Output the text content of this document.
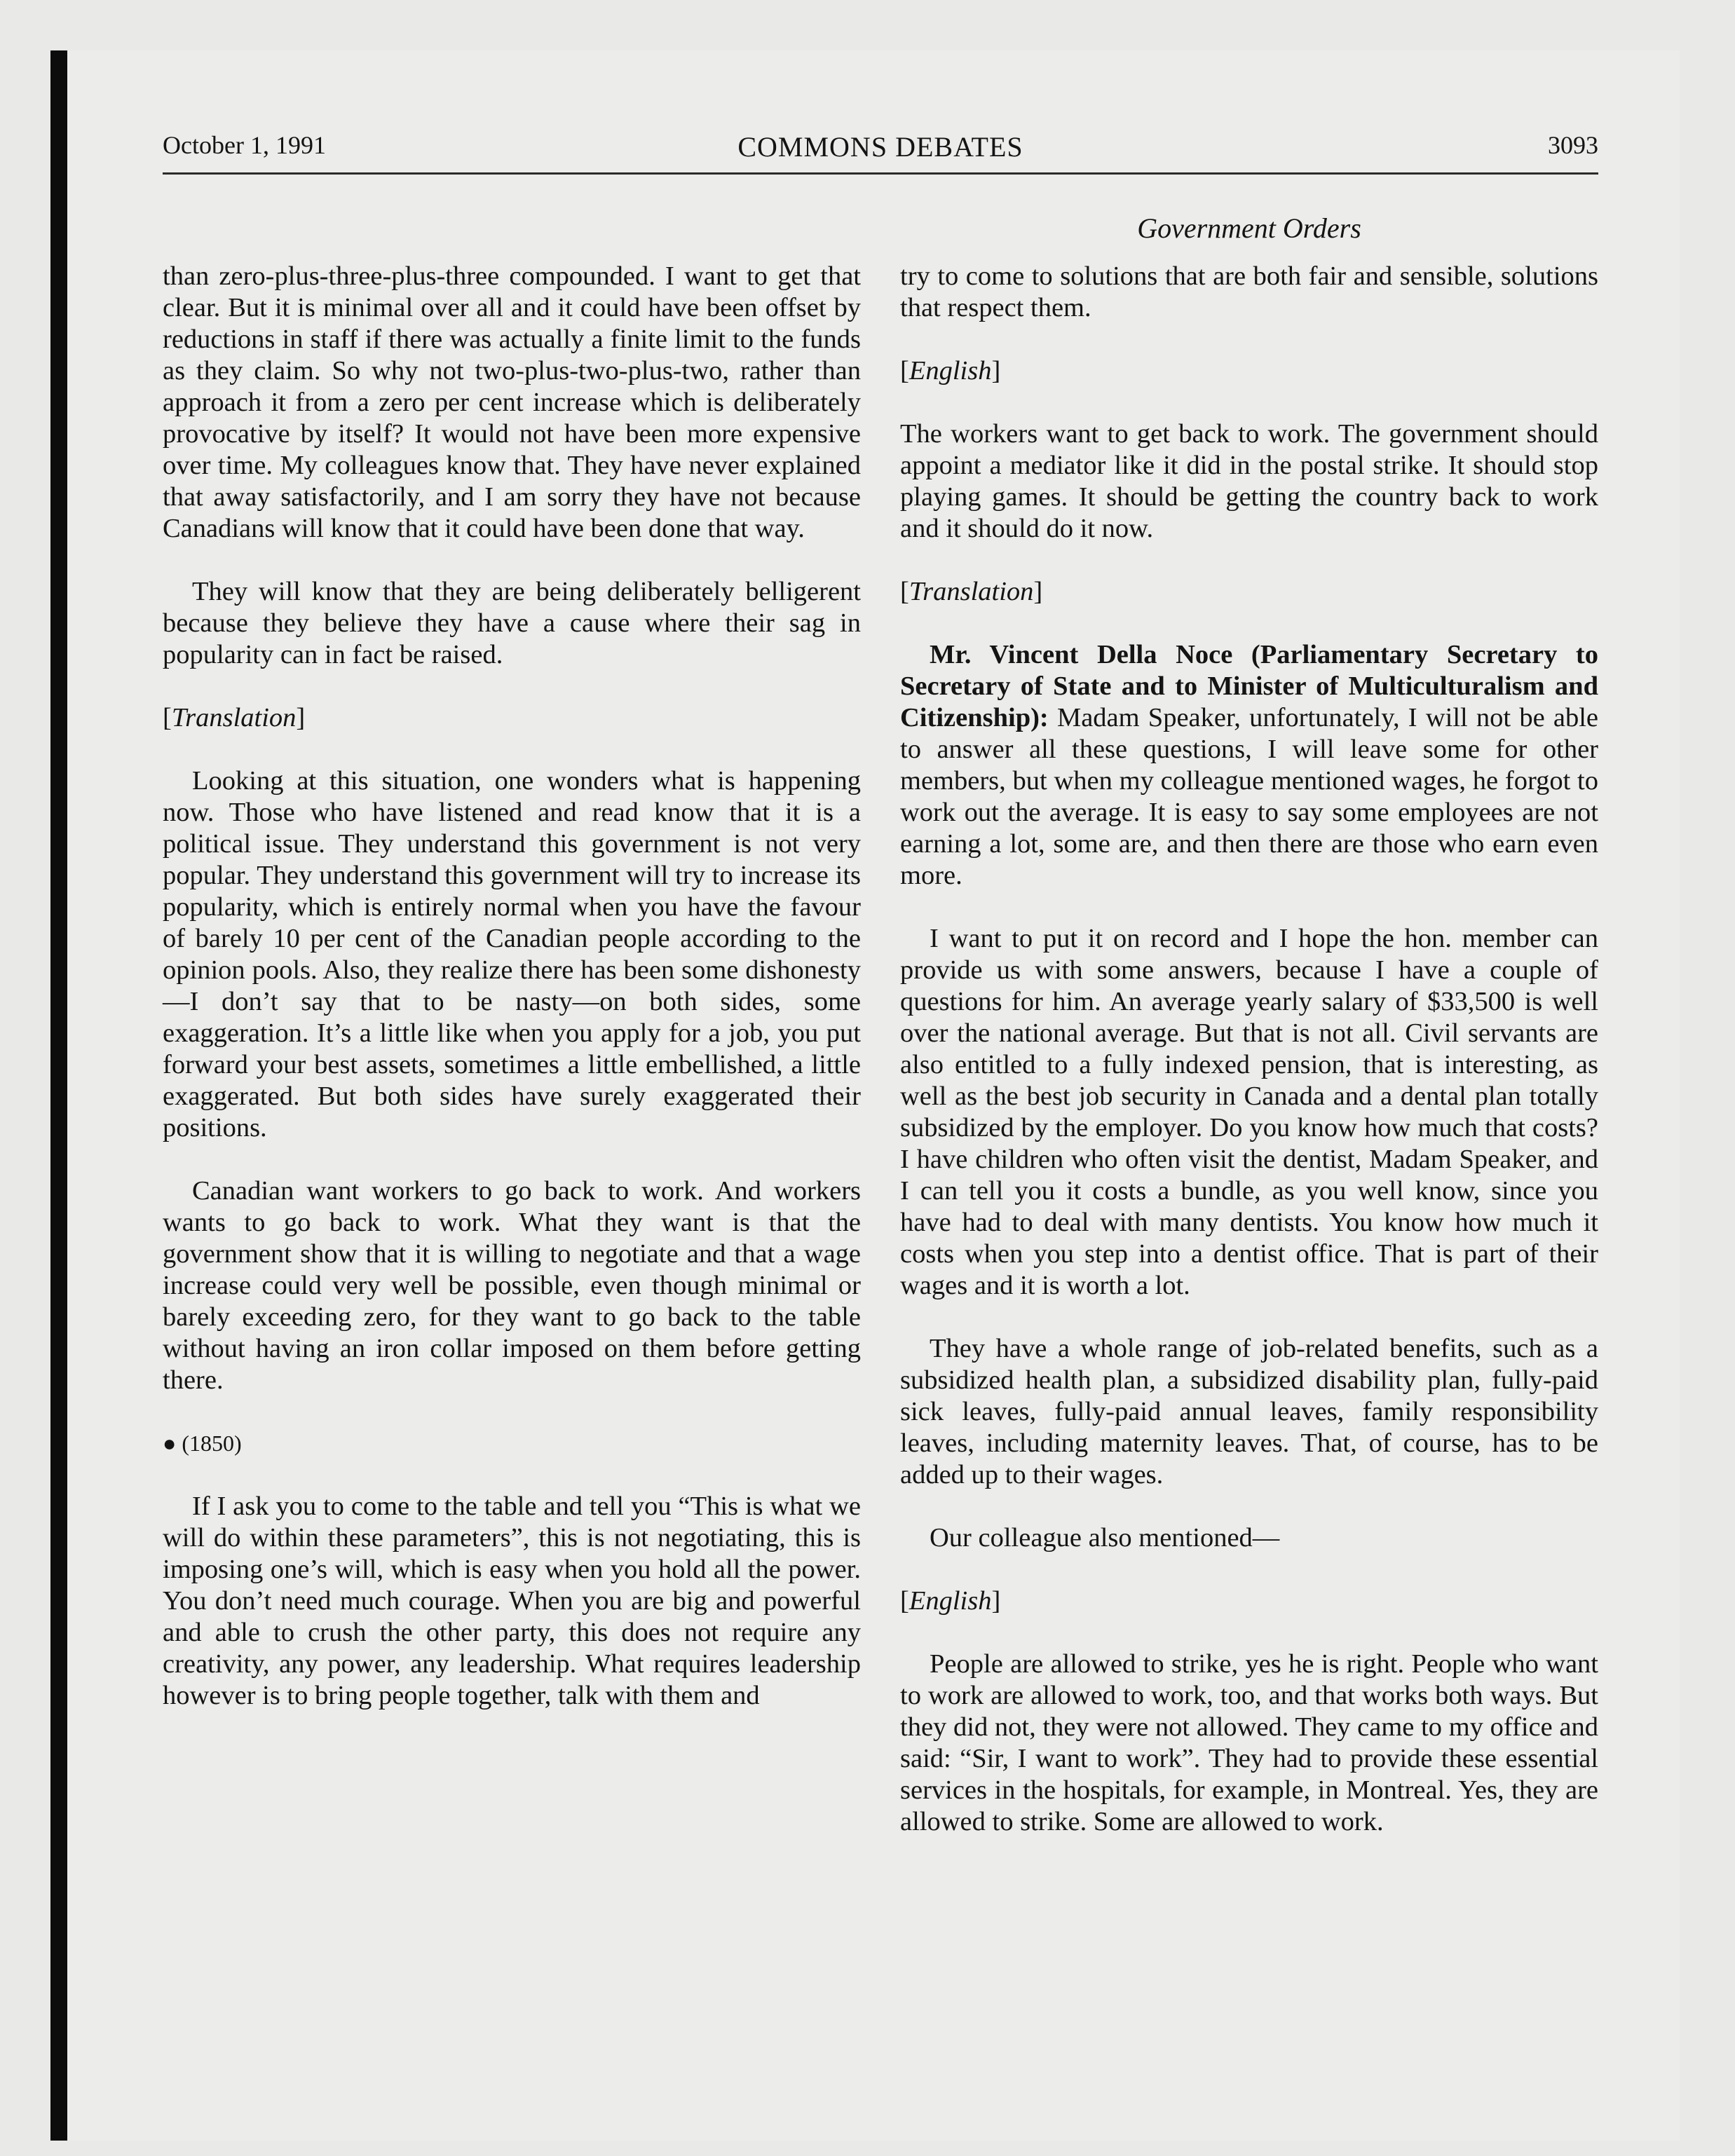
October 1, 1991	COMMONS DEBATES	3093
Government Orders

than zero-plus-three-plus-three compounded. I want to get that clear. But it is minimal over all and it could have been offset by reductions in staff if there was actually a finite limit to the funds as they claim. So why not two-plus-two-plus-two, rather than approach it from a zero per cent increase which is deliberately provocative by itself? It would not have been more expensive over time. My colleagues know that. They have never explained that away satisfactorily, and I am sorry they have not because Canadians will know that it could have been done that way.

They will know that they are being deliberately belligerent because they believe they have a cause where their sag in popularity can in fact be raised.

[Translation]

Looking at this situation, one wonders what is happening now. Those who have listened and read know that it is a political issue. They understand this government is not very popular. They understand this government will try to increase its popularity, which is entirely normal when you have the favour of barely 10 per cent of the Canadian people according to the opinion pools. Also, they realize there has been some dishonesty—I don’t say that to be nasty—on both sides, some exaggeration. It’s a little like when you apply for a job, you put forward your best assets, sometimes a little embellished, a little exaggerated. But both sides have surely exaggerated their positions.

Canadian want workers to go back to work. And workers wants to go back to work. What they want is that the government show that it is willing to negotiate and that a wage increase could very well be possible, even though minimal or barely exceeding zero, for they want to go back to the table without having an iron collar imposed on them before getting there.

● (1850)

If I ask you to come to the table and tell you “This is what we will do within these parameters”, this is not negotiating, this is imposing one’s will, which is easy when you hold all the power. You don’t need much courage. When you are big and powerful and able to crush the other party, this does not require any creativity, any power, any leadership. What requires leadership however is to bring people together, talk with them and

try to come to solutions that are both fair and sensible, solutions that respect them.

[English]

The workers want to get back to work. The government should appoint a mediator like it did in the postal strike. It should stop playing games. It should be getting the country back to work and it should do it now.

[Translation]

Mr. Vincent Della Noce (Parliamentary Secretary to Secretary of State and to Minister of Multiculturalism and Citizenship): Madam Speaker, unfortunately, I will not be able to answer all these questions, I will leave some for other members, but when my colleague mentioned wages, he forgot to work out the average. It is easy to say some employees are not earning a lot, some are, and then there are those who earn even more.

I want to put it on record and I hope the hon. member can provide us with some answers, because I have a couple of questions for him. An average yearly salary of $33,500 is well over the national average. But that is not all. Civil servants are also entitled to a fully indexed pension, that is interesting, as well as the best job security in Canada and a dental plan totally subsidized by the employer. Do you know how much that costs? I have children who often visit the dentist, Madam Speaker, and I can tell you it costs a bundle, as you well know, since you have had to deal with many dentists. You know how much it costs when you step into a dentist office. That is part of their wages and it is worth a lot.

They have a whole range of job-related benefits, such as a subsidized health plan, a subsidized disability plan, fully-paid sick leaves, fully-paid annual leaves, family responsibility leaves, including maternity leaves. That, of course, has to be added up to their wages.

Our colleague also mentioned—

[English]

People are allowed to strike, yes he is right. People who want to work are allowed to work, too, and that works both ways. But they did not, they were not allowed. They came to my office and said: “Sir, I want to work”. They had to provide these essential services in the hospitals, for example, in Montreal. Yes, they are allowed to strike. Some are allowed to work.
